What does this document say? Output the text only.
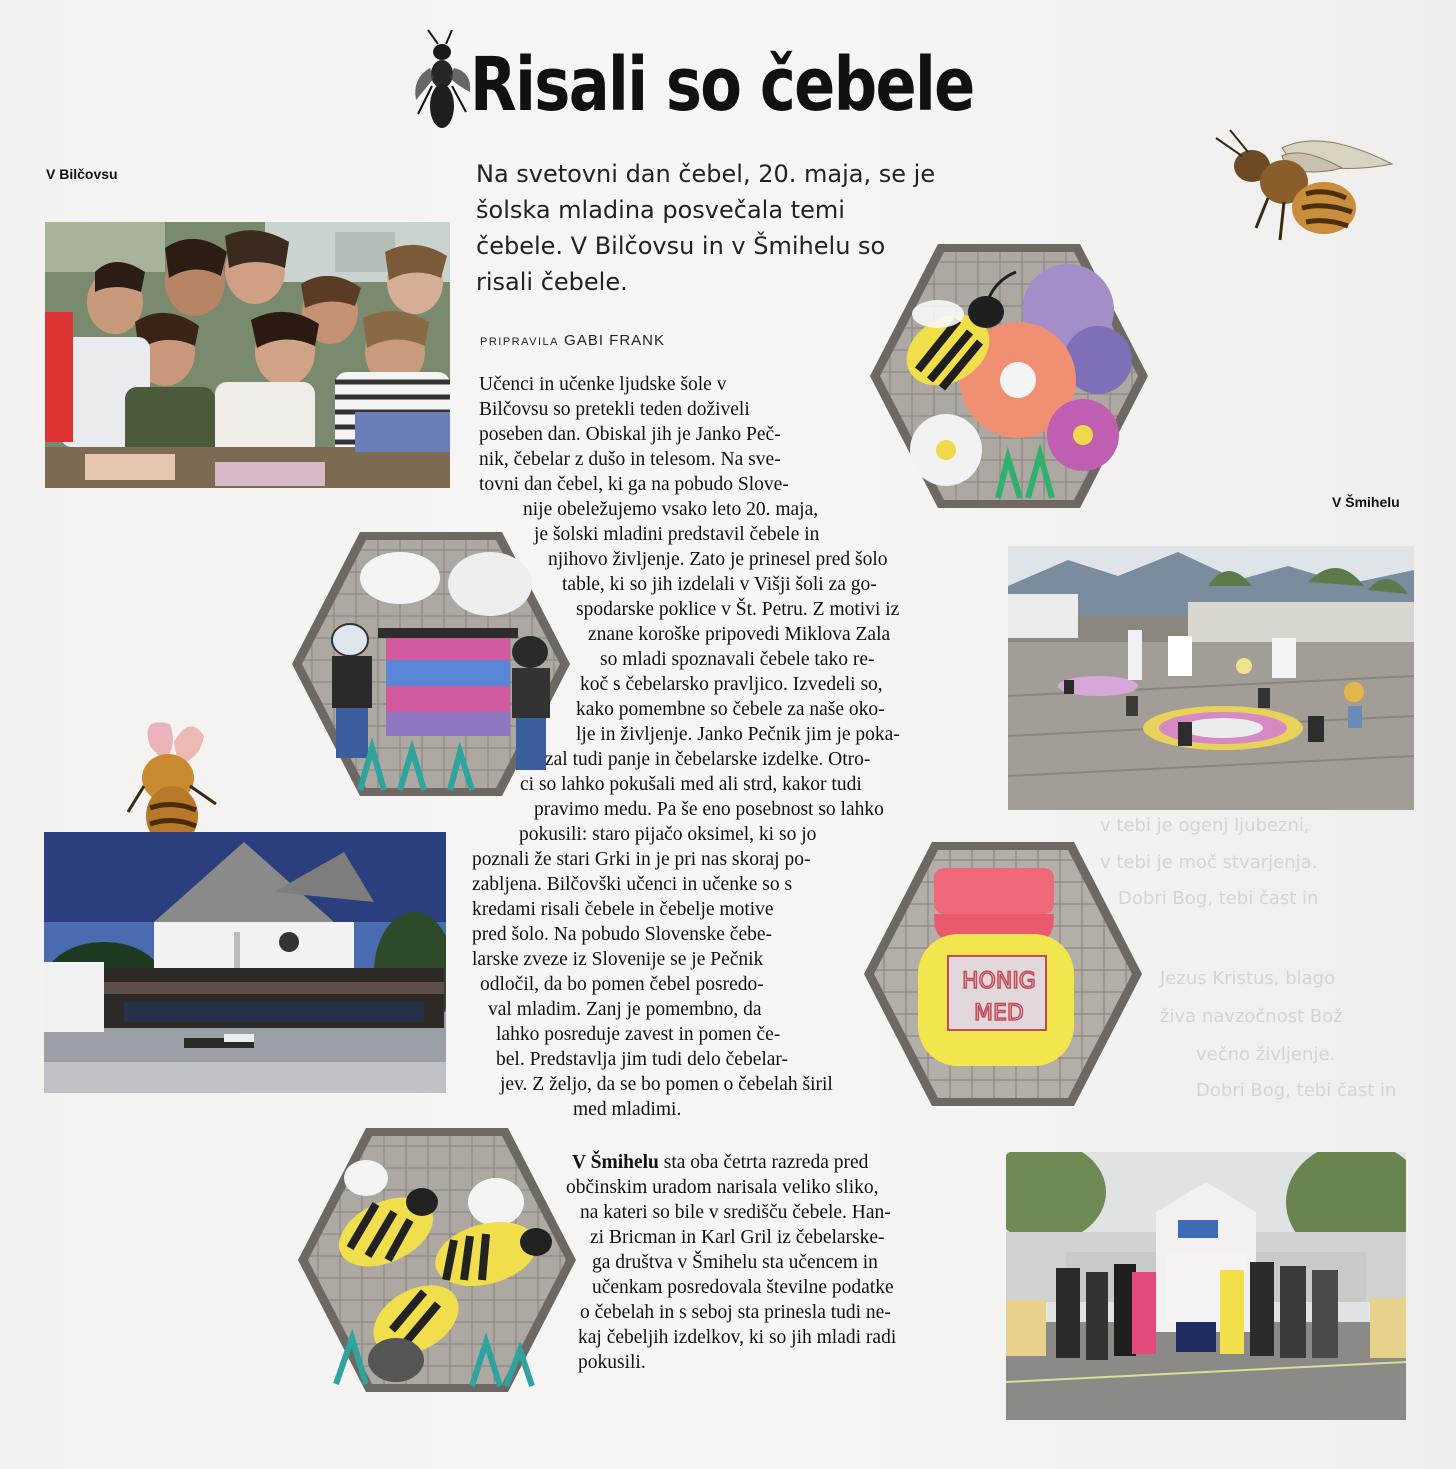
v tebi je ogenj ljubezni,
v tebi je moč stvarjenja.
Dobri Bog, tebi čast in
Jezus Kristus, blago
živa navzočnost Bož
večno življenje.
Dobri Bog, tebi čast in
Risali so čebele
V Bilčovsu
V Šmihelu
Na svetovni dan čebel, 20. maja, se je šolska mladina posvečala temi čebele. V Bilčovsu in v Šmihelu so risali čebele.
PRIPRAVILA GABI FRANK
HONIG
MED
Učenci in učenke ljudske šole v
Bilčovsu so pretekli teden doživeli
poseben dan. Obiskal jih je Janko Peč-
nik, čebelar z dušo in telesom. Na sve-
tovni dan čebel, ki ga na pobudo Slove-
nije obeležujemo vsako leto 20. maja,
je šolski mladini predstavil čebele in
njihovo življenje. Zato je prinesel pred šolo
table, ki so jih izdelali v Višji šoli za go-
spodarske poklice v Št. Petru. Z motivi iz
znane koroške pripovedi Miklova Zala
so mladi spoznavali čebele tako re-
koč s čebelarsko pravljico. Izvedeli so,
kako pomembne so čebele za naše oko-
lje in življenje. Janko Pečnik jim je poka-
zal tudi panje in čebelarske izdelke. Otro-
ci so lahko pokušali med ali strd, kakor tudi
pravimo medu. Pa še eno posebnost so lahko
pokusili: staro pijačo oksimel, ki so jo
poznali že stari Grki in je pri nas skoraj po-
zabljena. Bilčovški učenci in učenke so s
kredami risali čebele in čebelje motive
pred šolo. Na pobudo Slovenske čebe-
larske zveze iz Slovenije se je Pečnik
odločil, da bo pomen čebel posredo-
val mladim. Zanj je pomembno, da
lahko posreduje zavest in pomen če-
bel. Predstavlja jim tudi delo čebelar-
jev. Z željo, da se bo pomen o čebelah širil
med mladimi.
V Šmihelu sta oba četrta razreda pred
občinskim uradom narisala veliko sliko,
na kateri so bile v središču čebele. Han-
zi Bricman in Karl Gril iz čebelarske-
ga društva v Šmihelu sta učencem in
učenkam posredovala številne podatke
o čebelah in s seboj sta prinesla tudi ne-
kaj čebeljih izdelkov, ki so jih mladi radi
pokusili.
